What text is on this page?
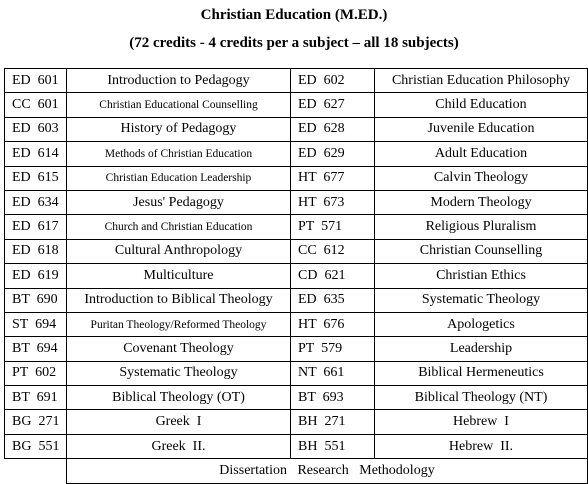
Christian Education (M.ED.)
(72 credits - 4 credits per a subject – all 18 subjects)
ED  601	Introduction to Pedagogy	ED  602	Christian Education Philosophy
CC  601	Christian Educational Counselling	ED  627	Child Education
ED  603	History of Pedagogy	ED  628	Juvenile Education
ED  614	Methods of Christian Education	ED  629	Adult Education
ED  615	Christian Education Leadership	HT  677	Calvin Theology
ED  634	Jesus' Pedagogy	HT  673	Modern Theology
ED  617	Church and Christian Education	PT  571	Religious Pluralism
ED  618	Cultural Anthropology	CC  612	Christian Counselling
ED  619	Multiculture	CD  621	Christian Ethics
BT  690	Introduction to Biblical Theology	ED  635	Systematic Theology
ST  694	Puritan Theology/Reformed Theology	HT  676	Apologetics
BT  694	Covenant Theology	PT  579	Leadership
PT  602	Systematic Theology	NT  661	Biblical Hermeneutics
BT  691	Biblical Theology (OT)	BT  693	Biblical Theology (NT)
BG  271	Greek  I	BH  271	Hebrew  I
BG  551	Greek  II.	BH  551	Hebrew  II.
	Dissertation   Research   Methodology		
